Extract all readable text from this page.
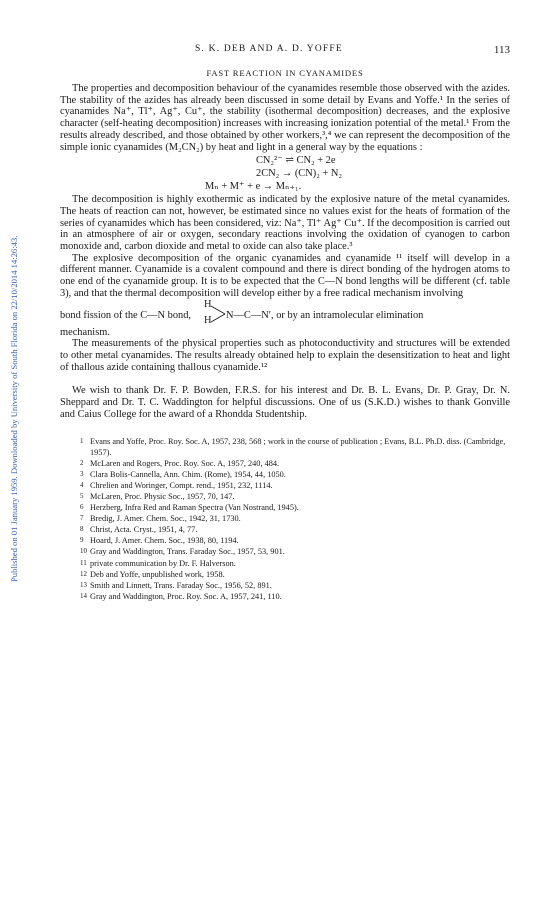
Published on 01 January 1959. Downloaded by University of South Florida on 22/10/2014 14:26:43.
S. K. DEB AND A. D. YOFFE	113
FAST REACTION IN CYANAMIDES

The properties and decomposition behaviour of the cyanamides resemble those observed with the azides. The stability of the azides has already been discussed in some detail by Evans and Yoffe.¹ In the series of cyanamides Na⁺, Tl⁺, Ag⁺, Cu⁺, the stability (isothermal decomposition) decreases, and the explosive character (self-heating decomposition) increases with increasing ionization potential of the metal.¹ From the results already described, and those obtained by other workers,³,⁴ we can represent the decomposition of the simple ionic cyanamides (M₂CN₂) by heat and light in a general way by the equations :

CN₂²⁻ ⇌ CN₂ + 2e
2CN₂ → (CN)₂ + N₂
Mₙ + M⁺ + e → Mₙ₊₁.

The decomposition is highly exothermic as indicated by the explosive nature of the metal cyanamides. The heats of reaction can not, however, be estimated since no values exist for the heats of formation of the series of cyanamides which has been considered, viz: Na⁺, Tl⁺ Ag⁺ Cu⁺. If the decomposition is carried out in an atmosphere of air or oxygen, secondary reactions involving the oxidation of cyanogen to carbon monoxide and, carbon dioxide and metal to oxide can also take place.³

The explosive decomposition of the organic cyanamides and cyanamide ¹¹ itself will develop in a different manner. Cyanamide is a covalent compound and there is direct bonding of the hydrogen atoms to one end of the cyanamide group. It is to be expected that the C—N bond lengths will be different (cf. table 3), and that the thermal decomposition will develop either by a free radical mechanism involving

bond fission of the C—N bond,
H
H N—C—N′, or by an intramolecular elimination

mechanism.

The measurements of the physical properties such as photoconductivity and structures will be extended to other metal cyanamides. The results already obtained help to explain the desensitization to heat and light of thallous azide containing thallous cyanamide.¹²

We wish to thank Dr. F. P. Bowden, F.R.S. for his interest and Dr. B. L. Evans, Dr. P. Gray, Dr. N. Sheppard and Dr. T. C. Waddington for helpful discussions. One of us (S.K.D.) wishes to thank Gonville and Caius College for the award of a Rhondda Studentship.

1 Evans and Yoffe, Proc. Roy. Soc. A, 1957, 238, 568 ; work in the course of publication ; Evans, B.L. Ph.D. diss. (Cambridge, 1957).
2 McLaren and Rogers, Proc. Roy. Soc. A, 1957, 240, 484.
3 Clara Bolis-Cannella, Ann. Chim. (Rome), 1954, 44, 1050.
4 Chrelien and Woringer, Compt. rend., 1951, 232, 1114.
5 McLaren, Proc. Physic Soc., 1957, 70, 147.
6 Herzberg, Infra Red and Raman Spectra (Van Nostrand, 1945).
7 Bredig, J. Amer. Chem. Soc., 1942, 31, 1730.
8 Christ, Acta. Cryst., 1951, 4, 77.
9 Hoard, J. Amer. Chem. Soc., 1938, 80, 1194.
10 Gray and Waddington, Trans. Faraday Soc., 1957, 53, 901.
11 private communication by Dr. F. Halverson.
12 Deb and Yoffe, unpublished work, 1958.
13 Smith and Linnett, Trans. Faraday Soc., 1956, 52, 891.
14 Gray and Waddington, Proc. Roy. Soc. A, 1957, 241, 110.
